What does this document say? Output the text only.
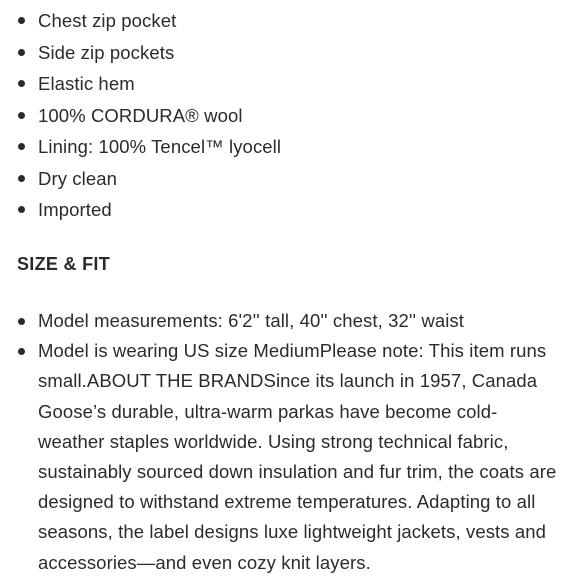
Chest zip pocket
Side zip pockets
Elastic hem
100% CORDURA® wool
Lining: 100% Tencel™ lyocell
Dry clean
Imported
SIZE & FIT
Model measurements: 6'2'' tall, 40'' chest, 32'' waist
Model is wearing US size MediumPlease note: This item runs small.ABOUT THE BRANDSince its launch in 1957, Canada Goose’s durable, ultra-warm parkas have become cold-weather staples worldwide. Using strong technical fabric, sustainably sourced down insulation and fur trim, the coats are designed to withstand extreme temperatures. Adapting to all seasons, the label designs luxe lightweight jackets, vests and accessories—and even cozy knit layers.
